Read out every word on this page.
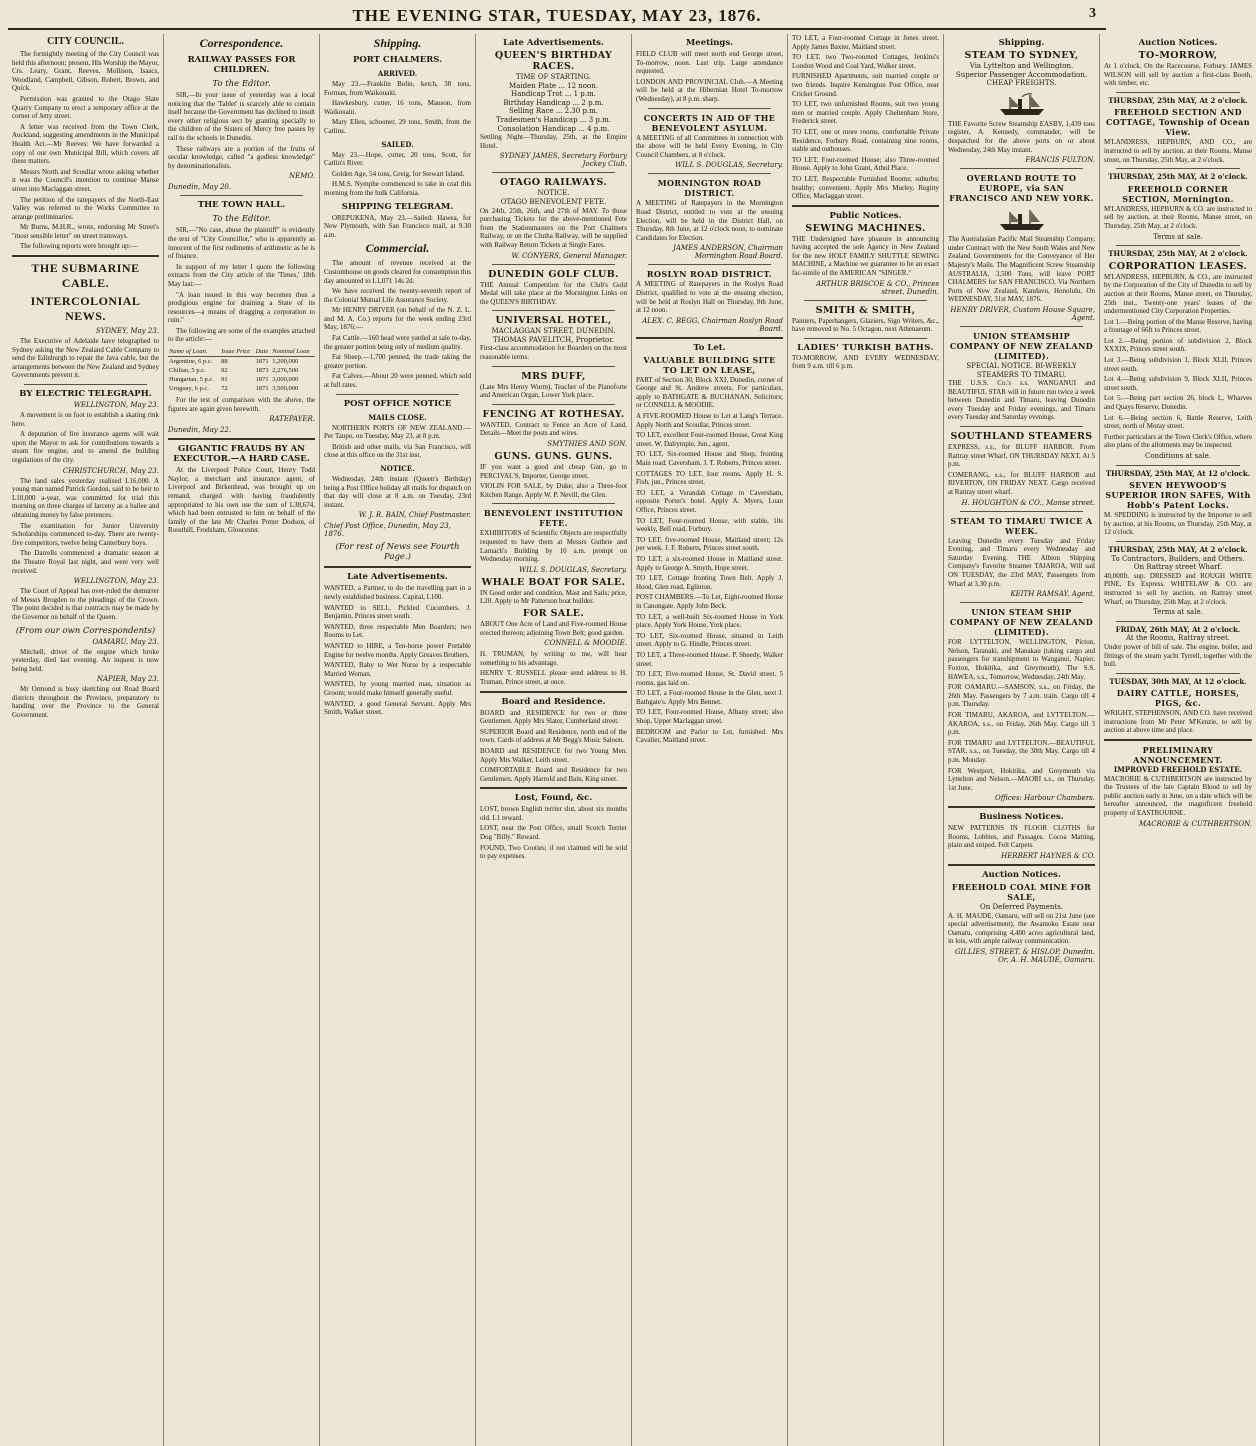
THE EVENING STAR, TUESDAY, MAY 23, 1876.	3
CITY COUNCIL.

The fortnightly meeting of the City Council was held this afternoon; present, His Worship the Mayor, Crs. Leary, Grant, Reeves, Mollison, Isaacs, Woodland, Campbell, Gibson, Robert, Brown, and Quick.

Permission was granted to the Otago Slate Quarry Company to erect a temporary office at the corner of Jetty street.

A letter was received from the Town Clerk, Auckland, suggesting amendments in the Municipal Health Act.—Mr Reeves: We have forwarded a copy of our own Municipal Bill, which covers all these matters.

Messrs North and Scoullar wrote asking whether it was the Council's intention to continue Manse street into Maclaggan street.

The petition of the ratepayers of the North-East Valley was referred to the Works Committee to arrange preliminaries.

Mr Burns, M.H.R., wrote, endorsing Mr Street's "most sensible letter" on street tramways.

The following reports were brought up:—

THE SUBMARINE CABLE.
INTERCOLONIAL NEWS.
SYDNEY, May 23.

The Executive of Adelaide have telegraphed to Sydney asking the New Zealand Cable Company to send the Edinburgh to repair the Java cable, but the arrangements between the New Zealand and Sydney Governments prevent it.

BY ELECTRIC TELEGRAPH.
WELLINGTON, May 23.

A movement is on foot to establish a skating rink here.

A deputation of fire insurance agents will wait upon the Mayor to ask for contributions towards a steam fire engine, and to amend the building regulations of the city.

CHRISTCHURCH, May 23.

The land sales yesterday realised L16,000. A young man named Patrick Gordon, said to be heir to L10,000 a-year, was committed for trial this morning on three charges of larceny as a bailee and obtaining money by false pretences.

The examination for Junior University Scholarships commenced to-day. There are twenty-five competitors, twelve being Canterbury boys.

The Darrells commenced a dramatic season at the Theatre Royal last night, and were very well received.

WELLINGTON, May 23.

The Court of Appeal has over-ruled the demurrer of Messrs Brogden to the pleadings of the Crown. The point decided is that contracts may be made by the Governor on behalf of the Queen.

(From our own Correspondents)
OAMARU, May 23.

Mitchell, driver of the engine which broke yesterday, died last evening. An inquest is now being held.

NAPIER, May 23.

Mr Ormond is busy sketching out Road Board districts throughout the Province, preparatory to handing over the Province to the General Government.

Correspondence.
RAILWAY PASSES FOR CHILDREN.
To the Editor.

SIR,—In your issue of yesterday was a local noticing that the 'Tablet' is scarcely able to contain itself because the Government has declined to insult every other religious sect by granting specially to the children of the Sisters of Mercy free passes by rail to the schools in Dunedin.

These railways are a portion of the fruits of secular knowledge, called "a godless knowledge" by denominationalists.

NEMO.
Dunedin, May 20.
THE TOWN HALL.
To the Editor.

SIR,—"No case, abuse the plaintiff" is evidently the text of "City Councillor," who is apparently as innocent of the first rudiments of arithmetic as he is of finance.

In support of my letter I quote the following extracts from the City article of the 'Times,' 18th May last:—

"A loan issued in this way becomes thus a prodigious engine for draining a State of its resources—a means of dragging a corporation to ruin."

The following are some of the examples attached to the article:—

Name of Loan.	Issue Price	Date	Nominal Loan
Argentine, 6 p.c.	88	1871	1,200,000
Chilian, 5 p.c.	92	1873	2,276,500
Hungarian, 5 p.c.	91	1871	3,000,000
Uruguay, 6 p.c.	72	1871	3,500,000

For the test of comparison with the above, the figures are again given herewith.

RATEPAYER.
Dunedin, May 22.
GIGANTIC FRAUDS BY AN EXECUTOR.—A HARD CASE.

At the Liverpool Police Court, Henry Todd Naylor, a merchant and insurance agent, of Liverpool and Birkenhead, was brought up on remand, charged with having fraudulently appropriated to his own use the sum of L38,674, which had been entrusted to him on behalf of the family of the late Mr Charles Potter Dodson, of Rossthill, Frodsham, Gloucester.

Shipping.
PORT CHALMERS.
ARRIVED.

May 23.—Franklin Bolin, ketch, 38 tons, Forman, from Waikouaiti.

Hawkesbury, cutter, 16 tons, Mauson, from Waikouaiti.

Mary Ellen, schooner, 29 tons, Smith, from the Catlins.

SAILED.

May 23.—Hope, cutter, 20 tons, Scott, for Catlin's River.

Golden Age, 54 tons, Greig, for Stewart Island.

H.M.S. Nymphe commenced to take in coal this morning from the hulk California.

SHIPPING TELEGRAM.

OREPUKENA, May 23.—Sailed: Hawea, for New Plymouth, with San Francisco mail, at 9.30 a.m.

Commercial.

The amount of revenue received at the Customhouse on goods cleared for consumption this day amounted to L1,071 14s 2d.

We have received the twenty-seventh report of the Colonial Mutual Life Assurance Society.

Mr HENRY DRIVER (on behalf of the N. Z. L. and M. A. Co.) reports for the week ending 23rd May, 1876:—

Fat Cattle.—160 head were yarded at sale to-day, the greater portion being only of medium quality.

Fat Sheep.—1,700 penned, the trade taking the greater portion.

Fat Calves.—About 20 were penned, which sold at full rates.

POST OFFICE NOTICE
MAILS CLOSE.

NORTHERN PORTS OF NEW ZEALAND.—Per Taupo, on Tuesday, May 23, at 8 p.m.

British and other mails, via San Francisco, will close at this office on the 31st inst.

NOTICE.

Wednesday, 24th instant (Queen's Birthday) being a Post Office holiday all mails for dispatch on that day will close at 8 a.m. on Tuesday, 23rd instant.

W. J. R. BAIN, Chief Postmaster.
Chief Post Office, Dunedin, May 23, 1876.
(For rest of News see Fourth Page.)
Late Advertisements.

WANTED, a Partner, to do the travelling part in a newly established business. Capital, L100.

WANTED to SELL, Pickled Cucumbers. J. Benjamin, Princes street south.

WANTED, three respectable Men Boarders; two Rooms to Let.

WANTED to HIRE, a Ten-horse power Portable Engine for twelve months. Apply Greaves Brothers.

WANTED, Baby to Wet Nurse by a respectable Married Woman.

WANTED, by young married man, situation as Groom; would make himself generally useful.

WANTED, a good General Servant. Apply Mrs Smith, Walker street.

Late Advertisements.
QUEEN'S BIRTHDAY RACES.
TIME OF STARTING.
Maiden Plate ... 12 noon.
Handicap Trot ... 1 p.m.
Birthday Handicap ... 2 p.m.
Selling Race ... 2.30 p.m.
Tradesmen's Handicap ... 3 p.m.
Consolation Handicap ... 4 p.m.

Settling Night—Thursday, 25th, at the Empire Hotel.

SYDNEY JAMES, Secretary Forbury Jockey Club.
OTAGO RAILWAYS.
NOTICE.
OTAGO BENEVOLENT FETE.

On 24th, 25th, 26th, and 27th of MAY. To those purchasing Tickets for the above-mentioned Fete from the Stationmasters on the Port Chalmers Railway, or on the Clutha Railway, will be supplied with Railway Return Tickets at Single Fares.

W. CONYERS, General Manager.
DUNEDIN GOLF CLUB.

THE Annual Competition for the Club's Gold Medal will take place at the Mornington Links on the QUEEN'S BIRTHDAY.

UNIVERSAL HOTEL,
MACLAGGAN STREET, DUNEDIN.
THOMAS PAVELITCH, Proprietor.

First-class accommodation for Boarders on the most reasonable terms.

MRS DUFF,

(Late Mrs Henry Wurm), Teacher of the Pianoforte and American Organ, Lower York place.

FENCING AT ROTHESAY.

WANTED, Contract to Fence an Acre of Land. Details—Meet the posts and wires.

SMYTHIES AND SON.
GUNS. GUNS. GUNS.

IF you want a good and cheap Gun, go to PERCIVAL'S, Importer, George street.

VIOLIN FOR SALE, by Duke; also a Three-foot Kitchen Range. Apply W. P. Nevill, the Glen.

BENEVOLENT INSTITUTION FETE.

EXHIBITORS of Scientific Objects are respectfully requested to have them at Messrs Guthrie and Larnach's Building by 10 a.m. prompt on Wednesday morning.

WILL S. DOUGLAS, Secretary.
WHALE BOAT FOR SALE.

IN Good order and condition, Mast and Sails; price, L20. Apply to Mr Patterson boat builder.

FOR SALE.

ABOUT One Acre of Land and Five-roomed House erected thereon; adjoining Town Belt; good garden.

CONNELL & MOODIE.

H. TRUMAN, by writing to me, will hear something to his advantage.

HENRY T. RUSSELL please send address to H. Truman, Prince street, at once.

Board and Residence.

BOARD and RESIDENCE for two or three Gentlemen. Apply Mrs Slater, Cumberland street.

SUPERIOR Board and Residence, north end of the town. Cards of address at Mr Begg's Music Saloon.

BOARD and RESIDENCE for two Young Men. Apply Mrs Walker, Leith street.

COMFORTABLE Board and Residence for two Gentlemen. Apply Harrold and Bain, King street.

Lost, Found, &c.

LOST, brown English terrier slut, about six months old. L1 reward.

LOST, near the Post Office, small Scotch Terrier Dog "Billy." Reward.

FOUND, Two Cooties; if not claimed will be sold to pay expenses.

Meetings.

FIELD CLUB will meet north end George street, To-morrow, noon. Last trip. Large attendance requested.

LONDON AND PROVINCIAL Club.—A Meeting will be held at the Hibernian Hotel To-morrow (Wednesday), at 8 p.m. sharp.

CONCERTS IN AID OF THE BENEVOLENT ASYLUM.

A MEETING of all Committees in connection with the above will be held Every Evening, in City Council Chambers, at 8 o'clock.

WILL S. DOUGLAS, Secretary.
MORNINGTON ROAD DISTRICT.

A MEETING of Ratepayers in the Mornington Road District, entitled to vote at the ensuing Election, will be held in the District Hall, on Thursday, 8th June, at 12 o'clock noon, to nominate Candidates for Election.

JAMES ANDERSON, Chairman Mornington Road Board.
ROSLYN ROAD DISTRICT.

A MEETING of Ratepayers in the Roslyn Road District, qualified to vote at the ensuing election, will be held at Roslyn Hall on Thursday, 8th June, at 12 noon.

ALEX. C. BEGG, Chairman Roslyn Road Board.
To Let.
VALUABLE BUILDING SITE TO LET ON LEASE,

PART of Section 30, Block XXI, Dunedin, corner of George and St. Andrew streets. For particulars, apply to BATHGATE & BUCHANAN, Solicitors; or CONNELL & MOODIE.

A FIVE-ROOMED House to Let at Lang's Terrace. Apply North and Scoullar, Princes street.

TO LET, excellent Four-roomed House, Great King street. W. Dalrymple, Jun., agent.

TO LET, Six-roomed House and Shop, fronting Main road, Caversham. J. T. Roberts, Princes street.

COTTAGES TO LET, four rooms. Apply H. S. Fish, jun., Princes street.

TO LET, a Verandah Cottage in Caversham, opposite Porter's hotel. Apply A. Myers, Loan Office, Princes street.

TO LET, Four-roomed House, with stable, 10s weekly, Bell road, Forbury.

TO LET, five-roomed House, Maitland street; 12s per week. J. F. Roberts, Princes street south.

TO LET, a six-roomed House in Maitland street. Apply to George A. Smyth, Hope street.

TO LET, Cottage fronting Town Belt. Apply J. Hood, Glen road, Eglinton.

POST CHAMBERS.—To Let, Eight-roomed House in Canongate. Apply John Beck.

TO LET, a well-built Six-roomed House in York place. Apply York House, York place.

TO LET, Six-roomed House, situated in Leith street. Apply to G. Hindle, Princes street.

TO LET, a Three-roomed House. P. Sheedy, Walker street.

TO LET, Five-roomed House, St. David street. 5 rooms, gas laid on.

TO LET, a Four-roomed House in the Glen, next J. Bathgate's. Apply Mrs Bennet.

TO LET, Four-roomed House, Albany street; also Shop, Upper Maclaggan street.

BEDROOM and Parlor to Let, furnished. Mrs Cavalier, Maitland street.

TO LET, a Four-roomed Cottage in Jones street. Apply James Baxter, Maitland street.

TO LET, two Two-roomed Cottages, Jenkins's London Wood and Coal Yard, Walker street.

FURNISHED Apartments, suit married couple or two friends. Inquire Kensington Post Office, near Cricket Ground.

TO LET, two unfurnished Rooms, suit two young men or married couple. Apply Cheltenham Store, Frederick street.

TO LET, one or more rooms, comfortable Private Residence, Forbury Road, containing nine rooms, stable and outhouses.

TO LET, Four-roomed House; also Three-roomed House. Apply to John Grant, Athol Place.

TO LET, Respectable Furnished Rooms; suburbs; healthy; convenient. Apply Mrs Murley, Regitty Office, Maclaggan street.

Public Notices.
SEWING MACHINES.

THE Undersigned have pleasure in announcing having accepted the sole Agency in New Zealand for the new HOLT FAMILY SHUTTLE SEWING MACHINE, a Machine we guarantee to be an exact fac-simile of the AMERICAN "SINGER."

ARTHUR BRISCOE & CO., Princes street, Dunedin.
SMITH & SMITH,

Painters, Paperhangers, Glaziers, Sign Writers, &c., have removed to No. 5 Octagon, next Athenaeum.

LADIES' TURKISH BATHS.

TO-MORROW, AND EVERY WEDNESDAY, from 9 a.m. till 6 p.m.

Shipping.
STEAM TO SYDNEY,
Via Lyttelton and Wellington.
Superior Passenger Accommodation. CHEAP FREIGHTS.

THE Favorite Screw Steamship EASBY, 1,439 tons register, A. Kennedy, commander, will be despatched for the above ports on or about Wednesday, 24th May instant.

FRANCIS FULTON.
OVERLAND ROUTE TO EUROPE, via SAN FRANCISCO AND NEW YORK.

The Australasian Pacific Mail Steamship Company, under Contract with the New South Wales and New Zealand Governments for the Conveyance of Her Majesty's Mails. The Magnificent Screw Steamship AUSTRALIA, 3,500 Tons, will leave PORT CHALMERS for SAN FRANCISCO, Via Northern Ports of New Zealand, Kandavu, Honolulu, On WEDNESDAY, 31st MAY, 1876.

HENRY DRIVER, Custom House Square, Agent.
UNION STEAMSHIP COMPANY OF NEW ZEALAND (LIMITED).
SPECIAL NOTICE. BI-WEEKLY STEAMERS TO TIMARU.

THE U.S.S. Co.'s s.s. WANGANUI and BEAUTIFUL STAR will in future run twice a week between Dunedin and Timaru, leaving Dunedin every Tuesday and Friday evenings, and Timaru every Tuesday and Saturday evenings.

SOUTHLAND STEAMERS

EXPRESS, s.s., for BLUFF HARBOR. From Rattray street Wharf, ON THURSDAY NEXT, At 5 p.m.

COMERANG, s.s., for BLUFF HARBOR and RIVERTON, ON FRIDAY NEXT. Cargo received at Rattray street wharf.

H. HOUGHTON & CO., Manse street.
STEAM TO TIMARU TWICE A WEEK.

Leaving Dunedin every Tuesday and Friday Evening, and Timaru every Wednesday and Saturday Evening. THE Albion Shipping Company's Favorite Steamer TAIAROA, Will sail ON TUESDAY, the 23rd MAY, Passengers from Wharf at 3.30 p.m.

KEITH RAMSAY, Agent.
UNION STEAM SHIP COMPANY OF NEW ZEALAND (LIMITED).

FOR LYTTELTON, WELLINGTON, Picton, Nelson, Taranaki, and Manakau (taking cargo and passengers for transhipment to Wanganui, Napier, Foxton, Hokitika, and Greymouth), The S.S. HAWEA, s.s., Tomorrow, Wednesday, 24th May.

FOR OAMARU.—SAMSON, s.s., on Friday, the 26th May. Passengers by 7 a.m. train. Cargo till 4 p.m. Thursday.

FOR TIMARU, AKAROA, and LYTTELTON.—AKAROA, s.s., on Friday, 26th May. Cargo till 3 p.m.

FOR TIMARU and LYTTELTON.—BEAUTIFUL STAR, s.s., on Tuesday, the 30th May. Cargo till 4 p.m. Monday.

FOR Westport, Hokitika, and Greymouth via Lyttelton and Nelson.—MAORI s.s., on Thursday, 1st June.

Offices: Harbour Chambers.
Business Notices.

NEW PATTERNS IN FLOOR CLOTHS for Rooms, Lobbies, and Passages. Cocoa Matting, plain and striped. Felt Carpets.

HERBERT HAYNES & CO.
Auction Notices.
FREEHOLD COAL MINE FOR SALE,
On Deferred Payments.

A. H. MAUDE, Oamaru, will sell on 21st June (see special advertisement), the Awamoko Estate near Oamaru, comprising 4,400 acres agricultural land, in lots, with ample railway communication.

GILLIES, STREET, & HISLOP, Dunedin. Or, A. H. MAUDE, Oamaru.
Auction Notices.
TO-MORROW,

At 1 o'clock. On the Racecourse, Forbury. JAMES WILSON will sell by auction a first-class Booth, with timber, etc.

THURSDAY, 25th MAY, At 2 o'clock.
FREEHOLD SECTION AND COTTAGE, Township of Ocean View.

M'LANDRESS, HEPBURN, AND CO., are instructed to sell by auction, at their Rooms, Manse street, on Thursday, 25th May, at 2 o'clock.

THURSDAY, 25th MAY, At 2 o'clock.
FREEHOLD CORNER SECTION, Mornington.

M'LANDRESS, HEPBURN & CO. are instructed to sell by auction, at their Rooms, Manse street, on Thursday, 25th May, at 2 o'clock.

Terms at sale.
THURSDAY, 25th MAY, At 2 o'clock.
CORPORATION LEASES.

M'LANDRESS, HEPBURN, & CO., are instructed by the Corporation of the City of Dunedin to sell by auction at their Rooms, Manse street, on Thursday, 25th inst., Twenty-one years' leases of the undermentioned City Corporation Properties.

Lot 1.—Being portion of the Manse Reserve, having a frontage of 66ft to Princes street.

Lot 2.—Being portion of subdivision 2, Block XXXIX, Princes street south.

Lot 3.—Being subdivision 1, Block XLII, Princes street south.

Lot 4.—Being subdivision 9, Block XLII, Princes street south.

Lot 5.—Being part section 26, block L, Wharves and Quays Reserve, Dunedin.

Lot 6.—Being section 6, Battle Reserve, Leith street, north of Moray street.

Further particulars at the Town Clerk's Office, where also plans of the allotments may be inspected.

Conditions at sale.
THURSDAY, 25th MAY, At 12 o'clock.
SEVEN HEYWOOD'S SUPERIOR IRON SAFES, With Hobb's Patent Locks.

M. SPEDDING is instructed by the Importer to sell by auction, at his Rooms, on Thursday, 25th May, at 12 o'clock.

THURSDAY, 25th MAY, At 2 o'clock.
To Contractors, Builders, and Others.
On Rattray street Wharf.

40,000ft. sup. DRESSED and ROUGH WHITE PINE, Ex Express. WHITELAW & CO. are instructed to sell by auction, on Rattray street Wharf, on Thursday, 25th May, at 2 o'clock.

Terms at sale.
FRIDAY, 26th MAY, At 2 o'clock.
At the Rooms, Rattray street.

Under power of bill of sale. The engine, boiler, and fittings of the steam yacht Tyrrell, together with the hull.

TUESDAY, 30th MAY, At 12 o'clock.
DAIRY CATTLE, HORSES, PIGS, &c.

WRIGHT, STEPHENSON, AND CO. have received instructions from Mr Peter M'Kenzie, to sell by auction at above time and place.

PRELIMINARY ANNOUNCEMENT.
IMPROVED FREEHOLD ESTATE.

MACRORIE & CUTHBERTSON are instructed by the Trustees of the late Captain Blood to sell by public auction early in June, on a date which will be hereafter announced, the magnificent freehold property of EASTBOURNE.

MACRORIE & CUTHBERTSON.
